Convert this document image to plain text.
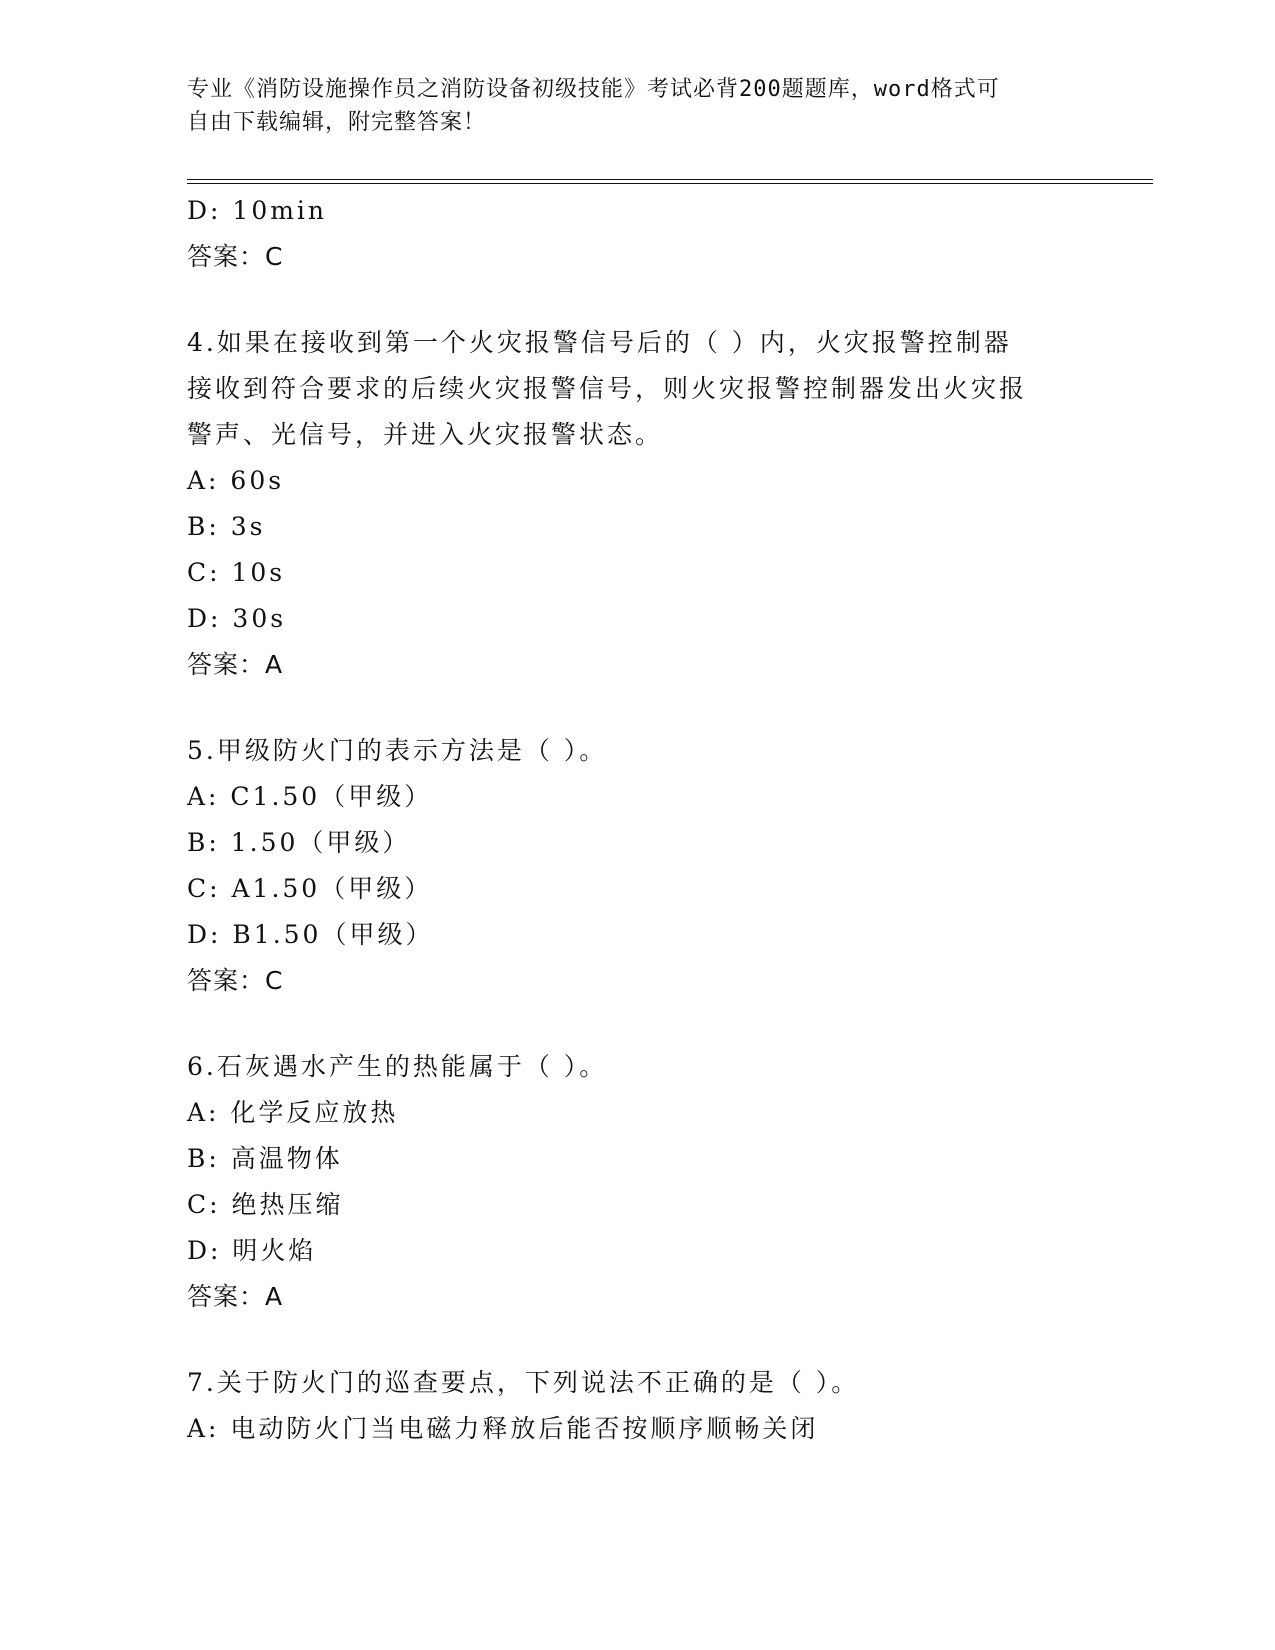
专业《消防设施操作员之消防设备初级技能》考试必背200题题库，word格式可
自由下载编辑，附完整答案！
D: 10min
答案：C
4.如果在接收到第一个火灾报警信号后的（ ）内，火灾报警控制器
接收到符合要求的后续火灾报警信号，则火灾报警控制器发出火灾报
警声、光信号，并进入火灾报警状态。
A: 60s
B: 3s
C: 10s
D: 30s
答案：A
5.甲级防火门的表示方法是（ ）。
A: C1.50（甲级）
B: 1.50（甲级）
C: A1.50（甲级）
D: B1.50（甲级）
答案：C
6.石灰遇水产生的热能属于（ ）。
A: 化学反应放热
B: 高温物体
C: 绝热压缩
D: 明火焰
答案：A
7.关于防火门的巡查要点，下列说法不正确的是（ ）。
A: 电动防火门当电磁力释放后能否按顺序顺畅关闭
